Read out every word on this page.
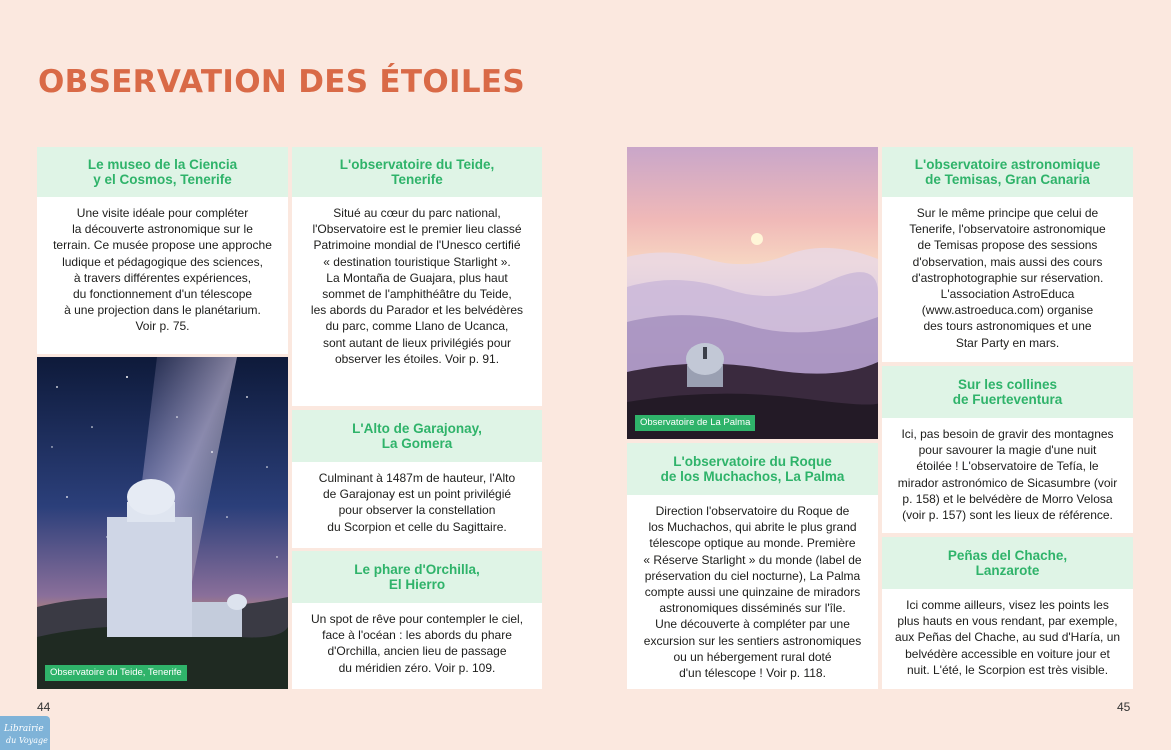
OBSERVATION DES ÉTOILES
Le museo de la Ciencia
y el Cosmos, Tenerife
Une visite idéale pour compléter
la découverte astronomique sur le
terrain. Ce musée propose une approche
ludique et pédagogique des sciences,
à travers différentes expériences,
du fonctionnement d'un télescope
à une projection dans le planétarium.
Voir p. 75.
Observatoire du Teide, Tenerife
L'observatoire du Teide,
Tenerife
Situé au cœur du parc national,
l'Observatoire est le premier lieu classé
Patrimoine mondial de l'Unesco certifié
« destination touristique Starlight ».
La Montaña de Guajara, plus haut
sommet de l'amphithéâtre du Teide,
les abords du Parador et les belvédères
du parc, comme Llano de Ucanca,
sont autant de lieux privilégiés pour
observer les étoiles. Voir p. 91.
L'Alto de Garajonay,
La Gomera
Culminant à 1487m de hauteur, l'Alto
de Garajonay est un point privilégié
pour observer la constellation
du Scorpion et celle du Sagittaire.
Le phare d'Orchilla,
El Hierro
Un spot de rêve pour contempler le ciel,
face à l'océan : les abords du phare
d'Orchilla, ancien lieu de passage
du méridien zéro. Voir p. 109.
Observatoire de La Palma
L'observatoire du Roque
de los Muchachos, La Palma
Direction l'observatoire du Roque de
los Muchachos, qui abrite le plus grand
télescope optique au monde. Première
« Réserve Starlight » du monde (label de
préservation du ciel nocturne), La Palma
compte aussi une quinzaine de miradors
astronomiques disséminés sur l'île.
Une découverte à compléter par une
excursion sur les sentiers astronomiques
ou un hébergement rural doté
d'un télescope ! Voir p. 118.
L'observatoire astronomique
de Temisas, Gran Canaria
Sur le même principe que celui de
Tenerife, l'observatoire astronomique
de Temisas propose des sessions
d'observation, mais aussi des cours
d'astrophotographie sur réservation.
L'association AstroEduca
(www.astroeduca.com) organise
des tours astronomiques et une
Star Party en mars.
Sur les collines
de Fuerteventura
Ici, pas besoin de gravir des montagnes
pour savourer la magie d'une nuit
étoilée ! L'observatoire de Tefía, le
mirador astronómico de Sicasumbre (voir
p. 158) et le belvédère de Morro Velosa
(voir p. 157) sont les lieux de référence.
Peñas del Chache,
Lanzarote
Ici comme ailleurs, visez les points les
plus hauts en vous rendant, par exemple,
aux Peñas del Chache, au sud d'Haría, un
belvédère accessible en voiture jour et
nuit. L'été, le Scorpion est très visible.
44	45
Librairie
du Voyage
